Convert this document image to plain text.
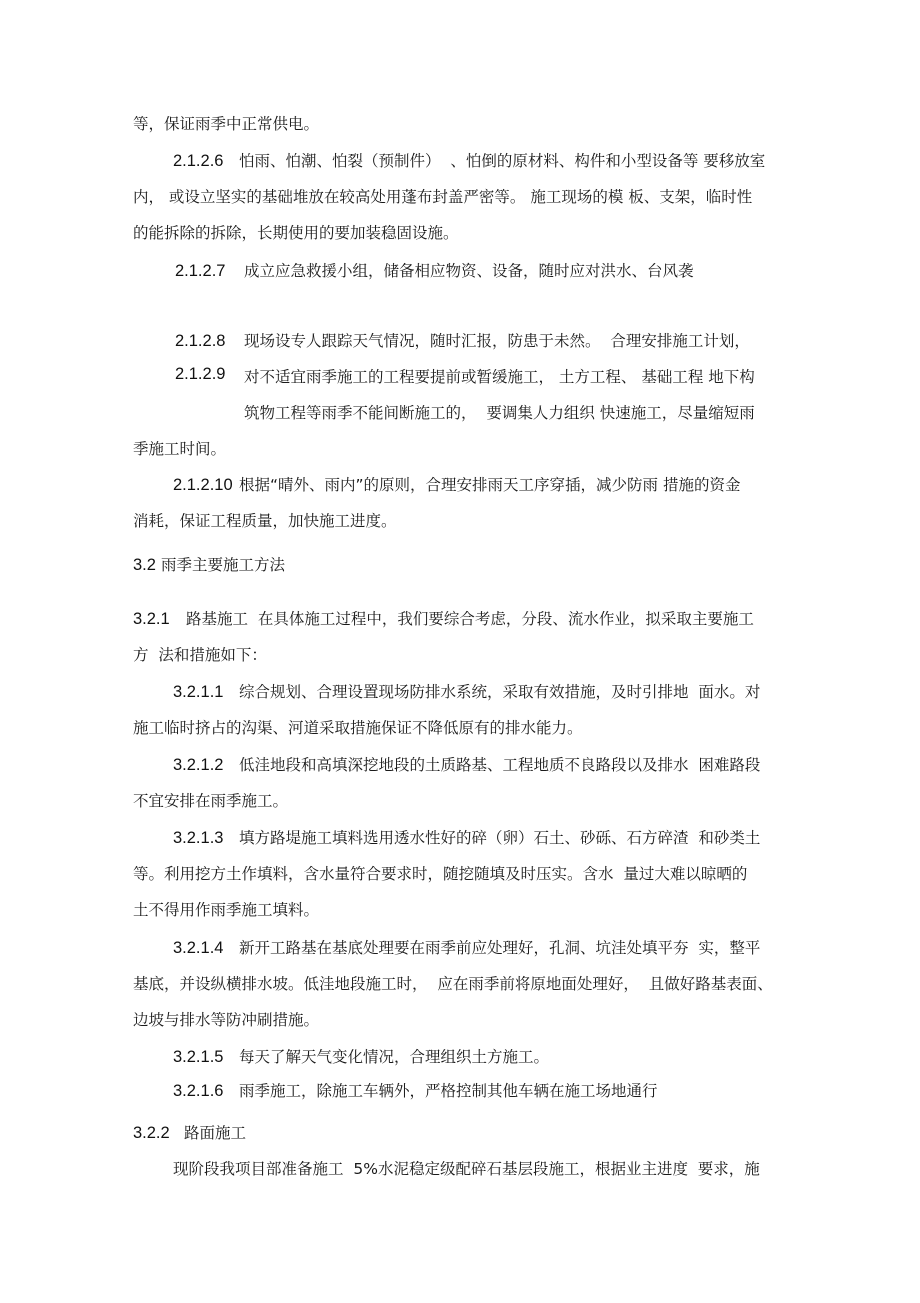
等，保证雨季中正常供电。
2.1.2.6 怕雨、怕潮、怕裂（预制件）  、怕倒的原材料、构件和小型设备等 要移放室
内， 或设立坚实的基础堆放在较高处用蓬布封盖严密等。 施工现场的模 板、支架，临时性
的能拆除的拆除，长期使用的要加装稳固设施。
2.1.2.7 成立应急救援小组，储备相应物资、设备，随时应对洪水、台风袭
2.1.2.8 现场设专人跟踪天气情况，随时汇报，防患于未然。  合理安排施工计划，
2.1.2.9 对不适宜雨季施工的工程要提前或暂缓施工， 土方工程、 基础工程 地下构
筑物工程等雨季不能间断施工的，  要调集人力组织 快速施工，尽量缩短雨
季施工时间。
2.1.2.10 根据“晴外、雨内”的原则，合理安排雨天工序穿插，减少防雨 措施的资金
消耗，保证工程质量，加快施工进度。
3.2 雨季主要施工方法
3.2.1 路基施工  在具体施工过程中，我们要综合考虑，分段、流水作业，拟采取主要施工
方  法和措施如下：
3.2.1.1 综合规划、合理设置现场防排水系统，采取有效措施，及时引排地  面水。对
施工临时挤占的沟渠、河道采取措施保证不降低原有的排水能力。
3.2.1.2 低洼地段和高填深挖地段的土质路基、工程地质不良路段以及排水  困难路段
不宜安排在雨季施工。
3.2.1.3 填方路堤施工填料选用透水性好的碎（卵）石土、砂砾、石方碎渣  和砂类土
等。利用挖方土作填料，含水量符合要求时，随挖随填及时压实。含水  量过大难以晾晒的
土不得用作雨季施工填料。
3.2.1.4 新开工路基在基底处理要在雨季前应处理好，孔洞、坑洼处填平夯  实，整平
基底，并设纵横排水坡。低洼地段施工时，  应在雨季前将原地面处理好，  且做好路基表面、
边坡与排水等防冲刷措施。
3.2.1.5 每天了解天气变化情况，合理组织土方施工。
3.2.1.6 雨季施工，除施工车辆外，严格控制其他车辆在施工场地通行
3.2.2 路面施工
现阶段我项目部准备施工  5%水泥稳定级配碎石基层段施工，根据业主进度  要求，施
